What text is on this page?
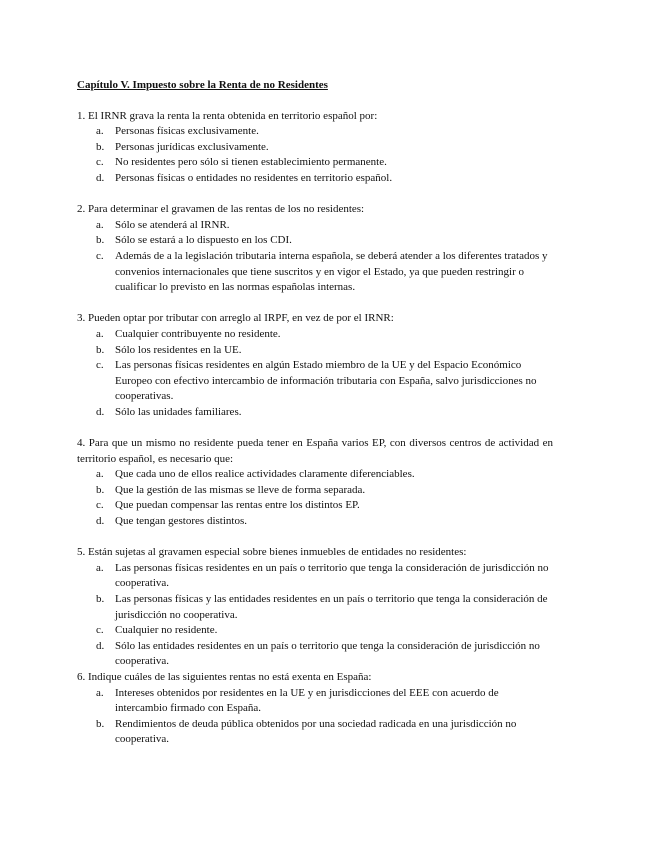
Capítulo V. Impuesto sobre la Renta de no Residentes

1. El IRNR grava la renta la renta obtenida en territorio español por:

a. Personas físicas exclusivamente.
b. Personas jurídicas exclusivamente.
c. No residentes pero sólo si tienen establecimiento permanente.
d. Personas físicas o entidades no residentes en territorio español.

2. Para determinar el gravamen de las rentas de los no residentes:

a. Sólo se atenderá al IRNR.
b. Sólo se estará a lo dispuesto en los CDI.
c. Además de a la legislación tributaria interna española, se deberá atender a los diferentes tratados y convenios internacionales que tiene suscritos y en vigor el Estado, ya que pueden restringir o cualificar lo previsto en las normas españolas internas.

3. Pueden optar por tributar con arreglo al IRPF, en vez de por el IRNR:

a. Cualquier contribuyente no residente.
b. Sólo los residentes en la UE.
c. Las personas físicas residentes en algún Estado miembro de la UE y del Espacio Económico Europeo con efectivo intercambio de información tributaria con España, salvo jurisdicciones no cooperativas.
d. Sólo las unidades familiares.

4. Para que un mismo no residente pueda tener en España varios EP, con diversos centros de actividad en territorio español, es necesario que:

a. Que cada uno de ellos realice actividades claramente diferenciables.
b. Que la gestión de las mismas se lleve de forma separada.
c. Que puedan compensar las rentas entre los distintos EP.
d. Que tengan gestores distintos.

5. Están sujetas al gravamen especial sobre bienes inmuebles de entidades no residentes:

a. Las personas físicas residentes en un país o territorio que tenga la consideración de jurisdicción no cooperativa.
b. Las personas físicas y las entidades residentes en un país o territorio que tenga la consideración de jurisdicción no cooperativa.
c. Cualquier no residente.
d. Sólo las entidades residentes en un país o territorio que tenga la consideración de jurisdicción no cooperativa.

6. Indique cuáles de las siguientes rentas no está exenta en España:

a. Intereses obtenidos por residentes en la UE y en jurisdicciones del EEE con acuerdo de intercambio firmado con España.
b. Rendimientos de deuda pública obtenidos por una sociedad radicada en una jurisdicción no cooperativa.
